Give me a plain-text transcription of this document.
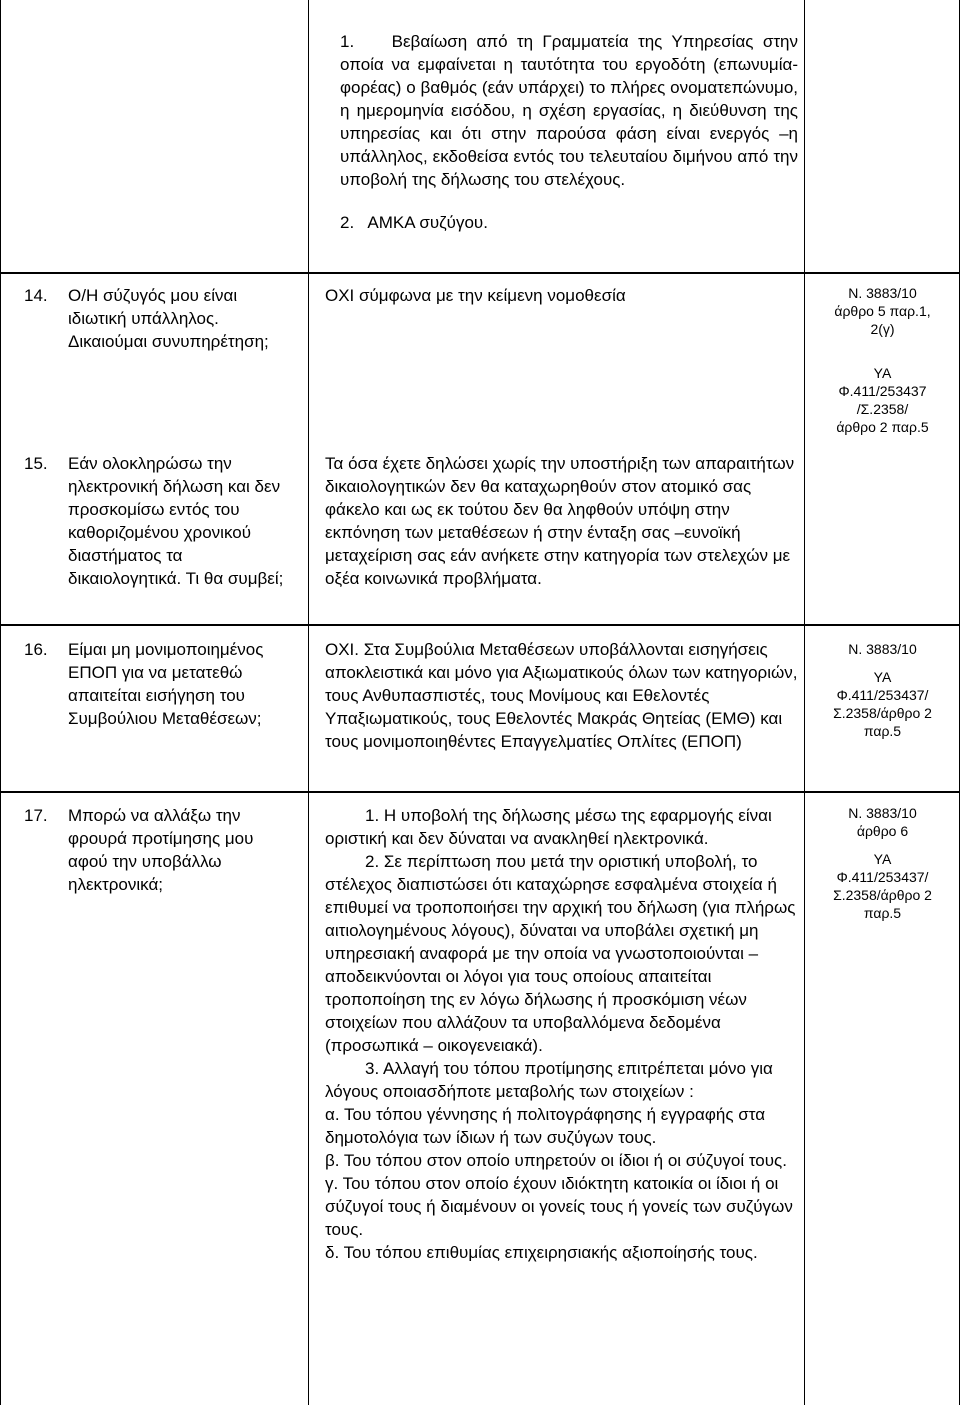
1.    Βεβαίωση από τη Γραμματεία της Υπηρεσίας στην οποία να εμφαίνεται η ταυτότητα του εργοδότη (επωνυμία-φορέας) ο βαθμός (εάν υπάρχει) το πλήρες ονοματεπώνυμο, η ημερομηνία εισόδου, η σχέση εργασίας, η διεύθυνση της υπηρεσίας και ότι στην παρούσα φάση είναι ενεργός –η υπάλληλος, εκδοθείσα εντός του τελευταίου διμήνου από την υποβολή της δήλωσης του στελέχους.

2.   ΑΜΚΑ συζύγου.

14. Ο/Η σύζυγός μου είναι ιδιωτική υπάλληλος. Δικαιούμαι συνυπηρέτηση;

ΟΧΙ σύμφωνα με την κείμενη νομοθεσία	Ν. 3883/10
άρθρο 5 παρ.1,
2(γ)
ΥΑ
Φ.411/253437
/Σ.2358/
άρθρο 2 παρ.5
15. Εάν ολοκληρώσω την ηλεκτρονική δήλωση και δεν προσκομίσω εντός του καθοριζομένου χρονικού διαστήματος τα δικαιολογητικά. Τι θα συμβεί;

Τα όσα έχετε δηλώσει χωρίς την υποστήριξη των απαραιτήτων δικαιολογητικών δεν θα καταχωρηθούν στον ατομικό σας φάκελο και ως εκ τούτου δεν θα ληφθούν υπόψη στην εκπόνηση των μεταθέσεων ή στην ένταξη σας –ευνοϊκή μεταχείριση σας εάν ανήκετε στην κατηγορία των στελεχών με οξέα κοινωνικά προβλήματα.

16. Είμαι μη μονιμοποιημένος ΕΠΟΠ για να μετατεθώ απαιτείται εισήγηση του Συμβούλιου Μεταθέσεων;

ΟΧΙ. Στα Συμβούλια Μεταθέσεων υποβάλλονται εισηγήσεις αποκλειστικά και μόνο για Αξιωματικούς όλων των κατηγοριών, τους Ανθυπασπιστές, τους Μονίμους και Εθελοντές Υπαξιωματικούς, τους Εθελοντές Μακράς Θητείας (ΕΜΘ) και τους μονιμοποιηθέντες Επαγγελματίες Οπλίτες (ΕΠΟΠ)

Ν. 3883/10
ΥΑ
Φ.411/253437/
Σ.2358/άρθρο 2
παρ.5
17. Μπορώ να αλλάξω την φρουρά προτίμησης μου αφού την υποβάλλω ηλεκτρονικά;

1. Η υποβολή της δήλωσης μέσω της εφαρμογής είναι οριστική και δεν δύναται να ανακληθεί ηλεκτρονικά.

2. Σε περίπτωση που μετά την οριστική υποβολή, το στέλεχος διαπιστώσει ότι καταχώρησε εσφαλμένα στοιχεία ή επιθυμεί να τροποποιήσει την αρχική του δήλωση (για πλήρως αιτιολογημένους λόγους), δύναται να υποβάλει σχετική μη υπηρεσιακή αναφορά με την οποία να γνωστοποιούνται – αποδεικνύονται οι λόγοι για τους οποίους απαιτείται τροποποίηση της εν λόγω δήλωσης ή προσκόμιση νέων στοιχείων που αλλάζουν τα υποβαλλόμενα δεδομένα (προσωπικά – οικογενειακά).

3. Αλλαγή του τόπου προτίμησης επιτρέπεται μόνο για λόγους οποιασδήποτε μεταβολής των στοιχείων :

α. Του τόπου γέννησης ή πολιτογράφησης ή εγγραφής στα δημοτολόγια των ίδιων ή των συζύγων τους.

β. Του τόπου στον οποίο υπηρετούν οι ίδιοι ή οι σύζυγοί τους.

γ. Του τόπου στον οποίο έχουν ιδιόκτητη κατοικία οι ίδιοι ή οι σύζυγοί τους ή διαμένουν οι γονείς τους ή γονείς των συζύγων τους.

δ. Του τόπου επιθυμίας επιχειρησιακής αξιοποίησής τους.

Ν. 3883/10
άρθρο 6
ΥΑ
Φ.411/253437/
Σ.2358/άρθρο 2
παρ.5
